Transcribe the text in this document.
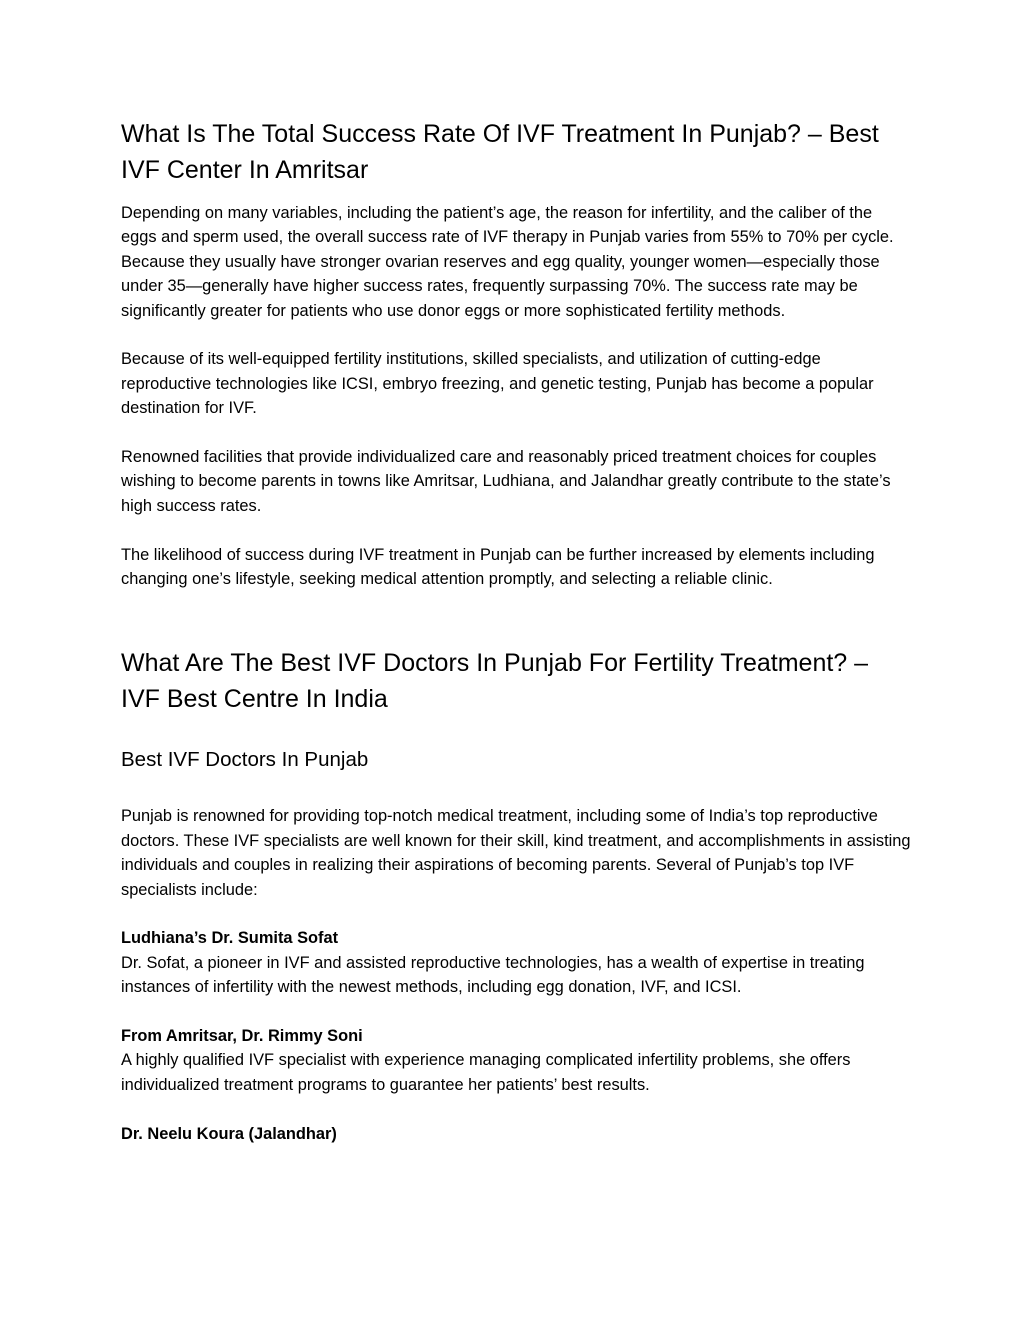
What Is The Total Success Rate Of IVF Treatment In Punjab? – Best IVF Center In Amritsar

Depending on many variables, including the patient’s age, the reason for infertility, and the caliber of the eggs and sperm used, the overall success rate of IVF therapy in Punjab varies from 55% to 70% per cycle. Because they usually have stronger ovarian reserves and egg quality, younger women—especially those under 35—generally have higher success rates, frequently surpassing 70%. The success rate may be significantly greater for patients who use donor eggs or more sophisticated fertility methods.

Because of its well-equipped fertility institutions, skilled specialists, and utilization of cutting-edge reproductive technologies like ICSI, embryo freezing, and genetic testing, Punjab has become a popular destination for IVF.

Renowned facilities that provide individualized care and reasonably priced treatment choices for couples wishing to become parents in towns like Amritsar, Ludhiana, and Jalandhar greatly contribute to the state’s high success rates.

The likelihood of success during IVF treatment in Punjab can be further increased by elements including changing one’s lifestyle, seeking medical attention promptly, and selecting a reliable clinic.

What Are The Best IVF Doctors In Punjab For Fertility Treatment? – IVF Best Centre In India
Best IVF Doctors In Punjab

Punjab is renowned for providing top-notch medical treatment, including some of India’s top reproductive doctors. These IVF specialists are well known for their skill, kind treatment, and accomplishments in assisting individuals and couples in realizing their aspirations of becoming parents. Several of Punjab’s top IVF specialists include:

Ludhiana’s Dr. Sumita Sofat

Dr. Sofat, a pioneer in IVF and assisted reproductive technologies, has a wealth of expertise in treating instances of infertility with the newest methods, including egg donation, IVF, and ICSI.

From Amritsar, Dr. Rimmy Soni

A highly qualified IVF specialist with experience managing complicated infertility problems, she offers individualized treatment programs to guarantee her patients’ best results.

Dr. Neelu Koura (Jalandhar)
